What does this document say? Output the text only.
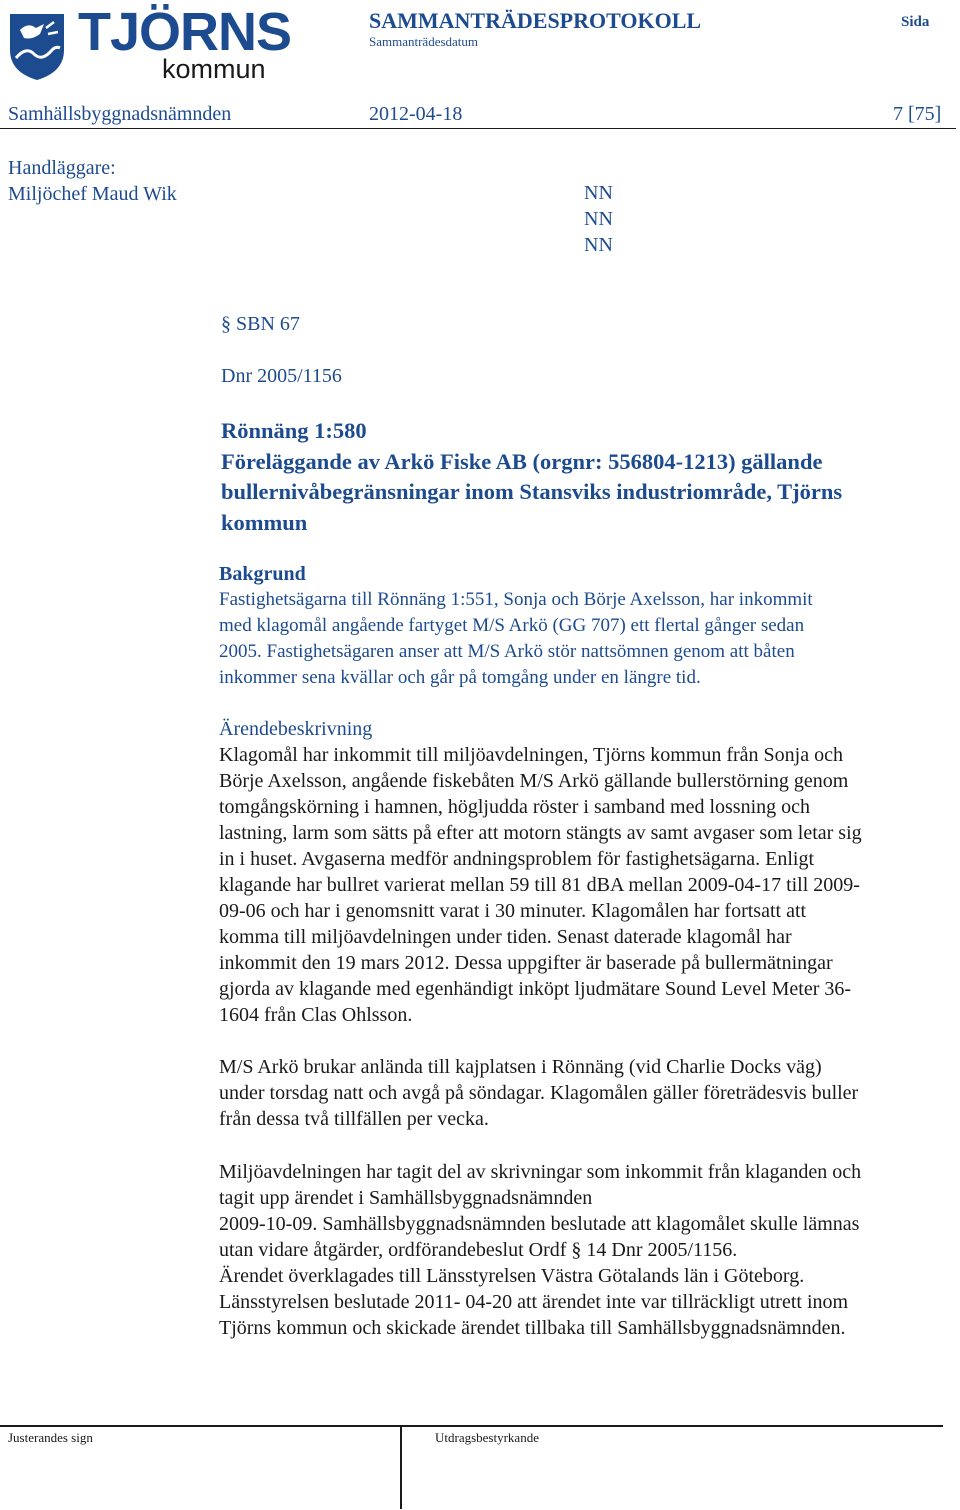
TJÖRNS
kommun
SAMMANTRÄDESPROTOKOLL
Sammanträdesdatum
Sida
Samhällsbyggnadsnämnden	2012-04-18	7 [75]

Handläggare:

Miljöchef Maud Wik	NN

NN

NN

§ SBN 67
Dnr 2005/1156

Rönnäng 1:580

Föreläggande av Arkö Fiske AB (orgnr: 556804-1213) gällande

bullernivåbegränsningar inom Stansviks industriområde, Tjörns

kommun

Bakgrund

Fastighetsägarna till Rönnäng 1:551, Sonja och Börje Axelsson, har inkommit

med klagomål angående fartyget M/S Arkö (GG 707) ett flertal gånger sedan

2005. Fastighetsägaren anser att M/S Arkö stör nattsömnen genom att båten

inkommer sena kvällar och går på tomgång under en längre tid.

Ärendebeskrivning

Klagomål har inkommit till miljöavdelningen, Tjörns kommun från Sonja och

Börje Axelsson, angående fiskebåten M/S Arkö gällande bullerstörning genom

tomgångskörning i hamnen, högljudda röster i samband med lossning och

lastning, larm som sätts på efter att motorn stängts av samt avgaser som letar sig

in i huset. Avgaserna medför andningsproblem för fastighetsägarna. Enligt

klagande har bullret varierat mellan 59 till 81 dBA mellan 2009-04-17 till 2009-

09-06 och har i genomsnitt varat i 30 minuter. Klagomålen har fortsatt att

komma till miljöavdelningen under tiden. Senast daterade klagomål har

inkommit den 19 mars 2012. Dessa uppgifter är baserade på bullermätningar

gjorda av klagande med egenhändigt inköpt ljudmätare Sound Level Meter 36-

1604 från Clas Ohlsson.

M/S Arkö brukar anlända till kajplatsen i Rönnäng (vid Charlie Docks väg)

under torsdag natt och avgå på söndagar. Klagomålen gäller företrädesvis buller

från dessa två tillfällen per vecka.

Miljöavdelningen har tagit del av skrivningar som inkommit från klaganden och

tagit upp ärendet i Samhällsbyggnadsnämnden

2009-10-09. Samhällsbyggnadsnämnden beslutade att klagomålet skulle lämnas

utan vidare åtgärder, ordförandebeslut Ordf § 14 Dnr 2005/1156.

Ärendet överklagades till Länsstyrelsen Västra Götalands län i Göteborg.

Länsstyrelsen beslutade 2011- 04-20 att ärendet inte var tillräckligt utrett inom

Tjörns kommun och skickade ärendet tillbaka till Samhällsbyggnadsnämnden.

Justerandes sign	Utdragsbestyrkande
